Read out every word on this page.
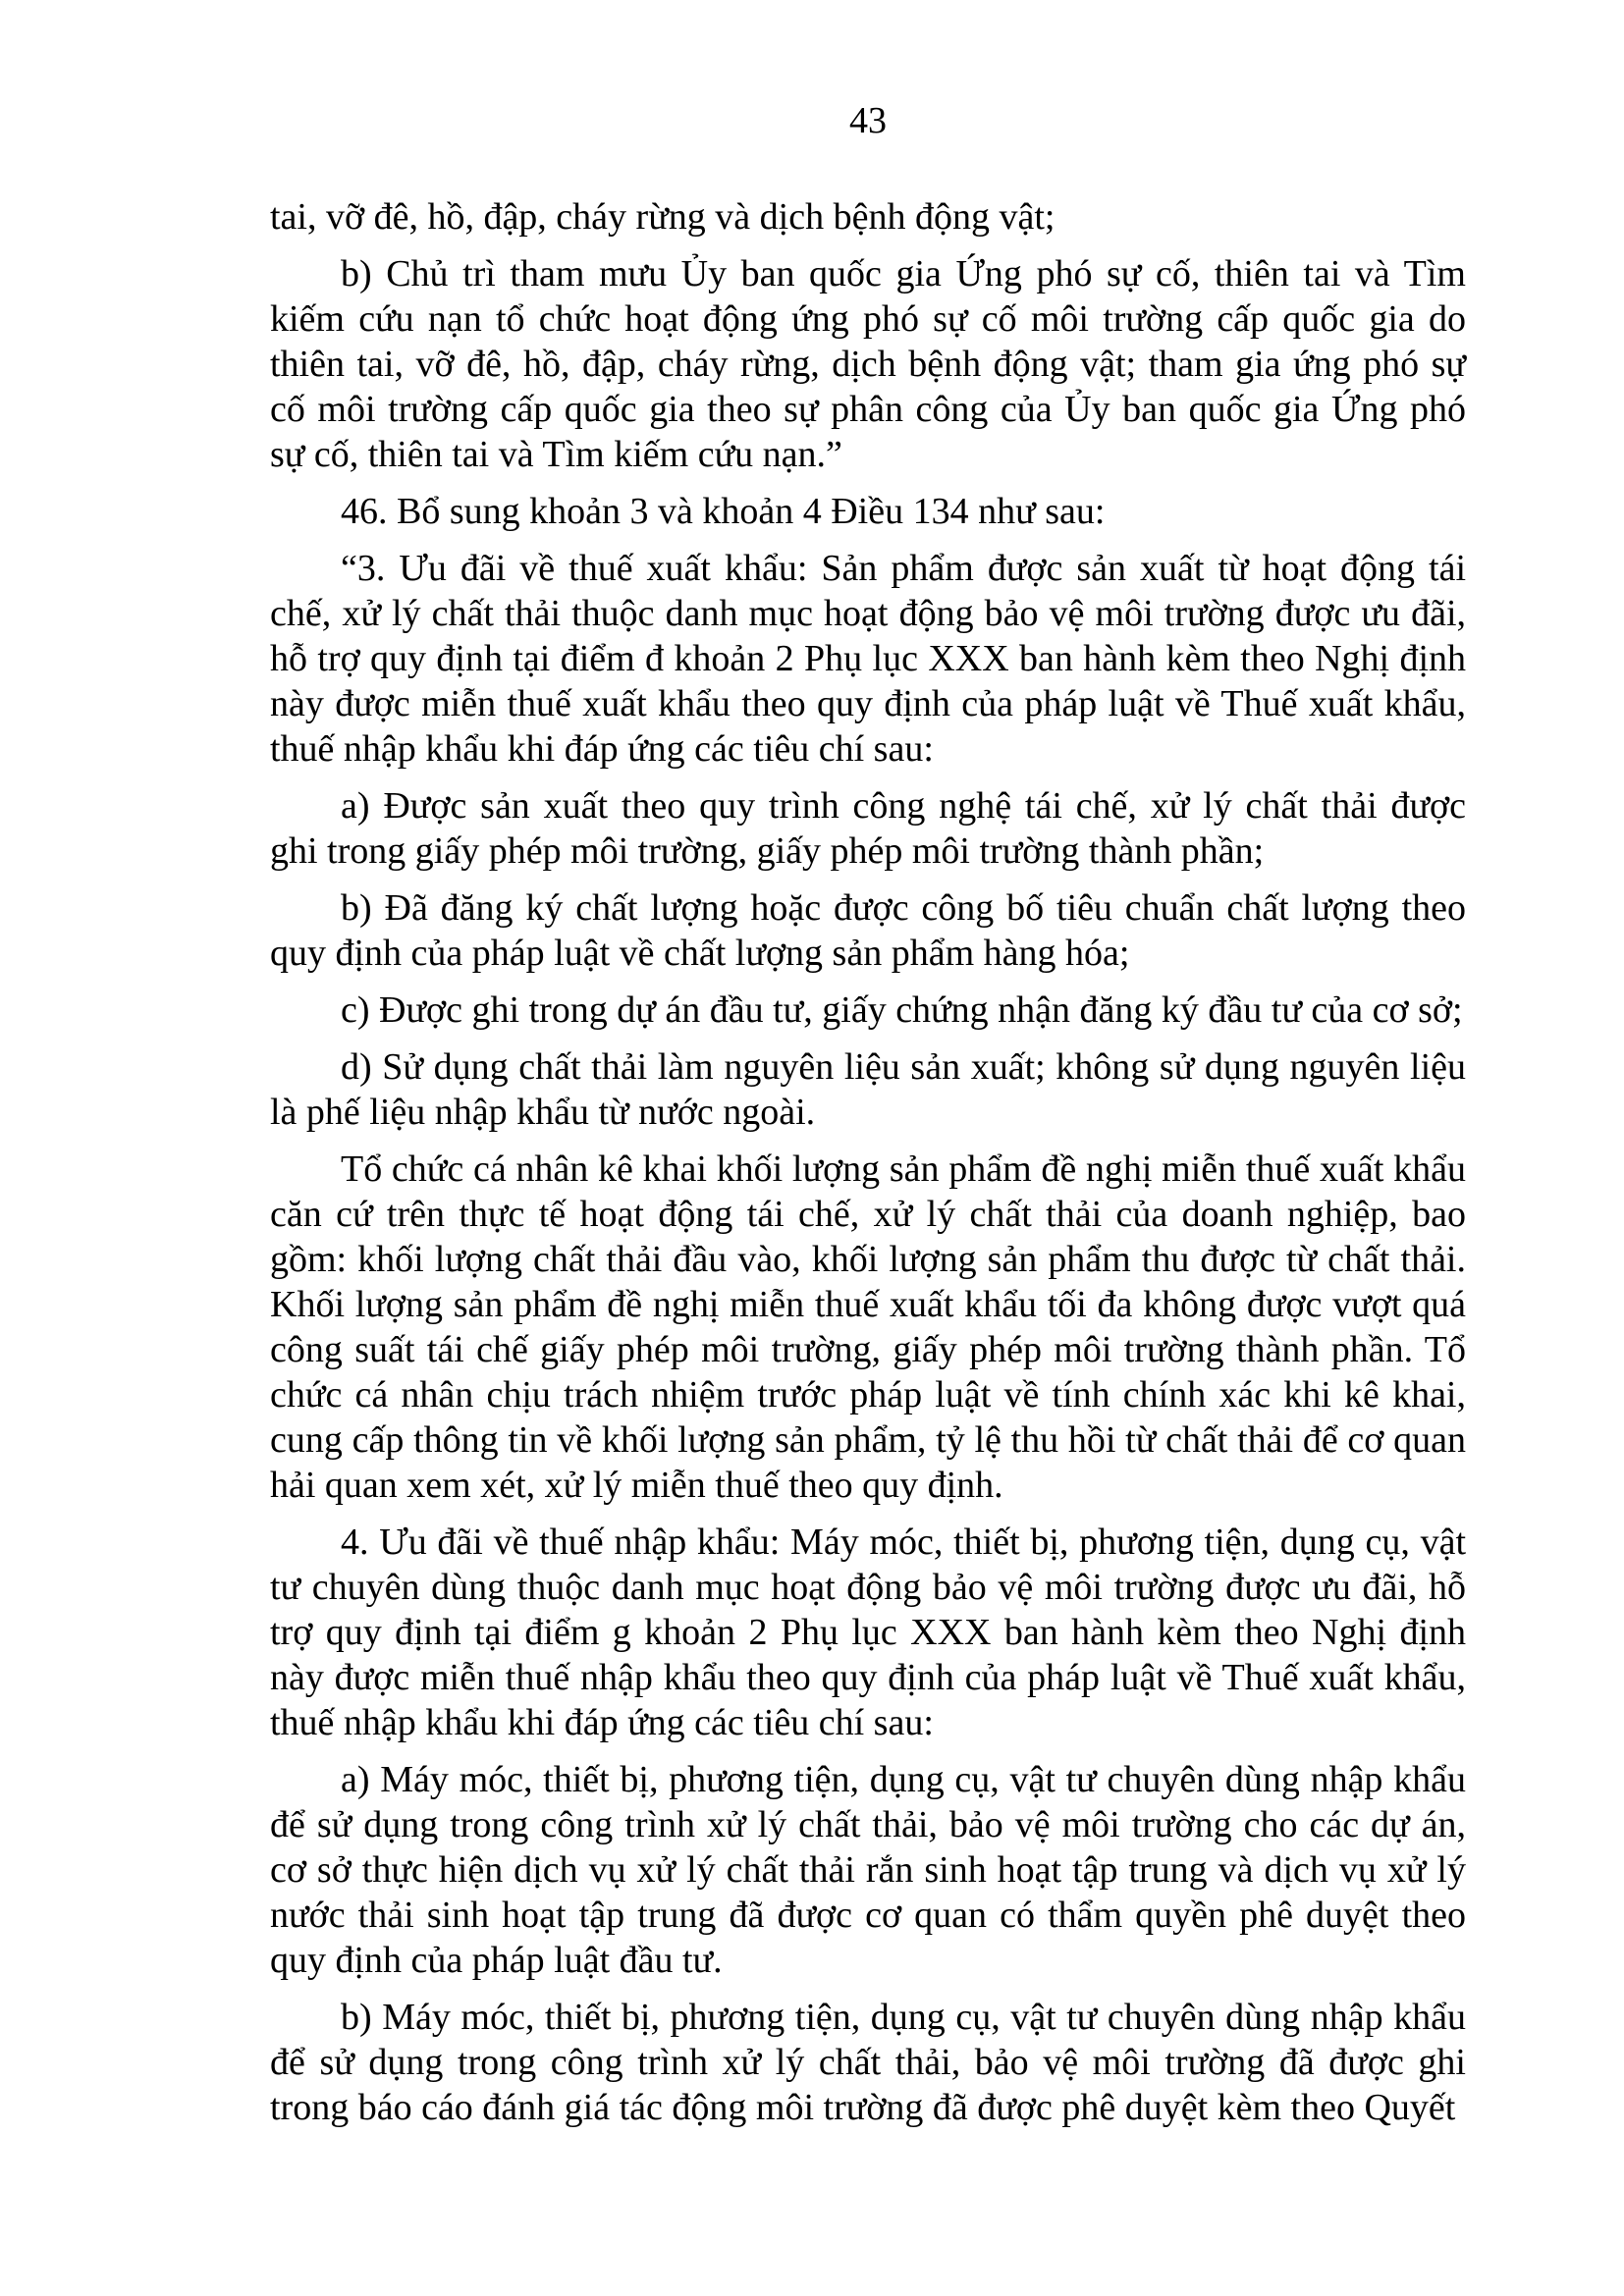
43
tai, vỡ đê, hồ, đập, cháy rừng và dịch bệnh động vật;
b) Chủ trì tham mưu Ủy ban quốc gia Ứng phó sự cố, thiên tai và Tìm
kiếm cứu nạn tổ chức hoạt động ứng phó sự cố môi trường cấp quốc gia do
thiên tai, vỡ đê, hồ, đập, cháy rừng, dịch bệnh động vật; tham gia ứng phó sự
cố môi trường cấp quốc gia theo sự phân công của Ủy ban quốc gia Ứng phó
sự cố, thiên tai và Tìm kiếm cứu nạn.”
46. Bổ sung khoản 3 và khoản 4 Điều 134 như sau:
“3. Ưu đãi về thuế xuất khẩu: Sản phẩm được sản xuất từ hoạt động tái
chế, xử lý chất thải thuộc danh mục hoạt động bảo vệ môi trường được ưu đãi,
hỗ trợ quy định tại điểm đ khoản 2 Phụ lục XXX ban hành kèm theo Nghị định
này được miễn thuế xuất khẩu theo quy định của pháp luật về Thuế xuất khẩu,
thuế nhập khẩu khi đáp ứng các tiêu chí sau:
a) Được sản xuất theo quy trình công nghệ tái chế, xử lý chất thải được
ghi trong giấy phép môi trường, giấy phép môi trường thành phần;
b) Đã đăng ký chất lượng hoặc được công bố tiêu chuẩn chất lượng theo
quy định của pháp luật về chất lượng sản phẩm hàng hóa;
c) Được ghi trong dự án đầu tư, giấy chứng nhận đăng ký đầu tư của cơ sở;
d) Sử dụng chất thải làm nguyên liệu sản xuất; không sử dụng nguyên liệu
là phế liệu nhập khẩu từ nước ngoài.
Tổ chức cá nhân kê khai khối lượng sản phẩm đề nghị miễn thuế xuất khẩu
căn cứ trên thực tế hoạt động tái chế, xử lý chất thải của doanh nghiệp, bao
gồm: khối lượng chất thải đầu vào, khối lượng sản phẩm thu được từ chất thải.
Khối lượng sản phẩm đề nghị miễn thuế xuất khẩu tối đa không được vượt quá
công suất tái chế giấy phép môi trường, giấy phép môi trường thành phần. Tổ
chức cá nhân chịu trách nhiệm trước pháp luật về tính chính xác khi kê khai,
cung cấp thông tin về khối lượng sản phẩm, tỷ lệ thu hồi từ chất thải để cơ quan
hải quan xem xét, xử lý miễn thuế theo quy định.
4. Ưu đãi về thuế nhập khẩu: Máy móc, thiết bị, phương tiện, dụng cụ, vật
tư chuyên dùng thuộc danh mục hoạt động bảo vệ môi trường được ưu đãi, hỗ
trợ quy định tại điểm g khoản 2 Phụ lục XXX ban hành kèm theo Nghị định
này được miễn thuế nhập khẩu theo quy định của pháp luật về Thuế xuất khẩu,
thuế nhập khẩu khi đáp ứng các tiêu chí sau:
a) Máy móc, thiết bị, phương tiện, dụng cụ, vật tư chuyên dùng nhập khẩu
để sử dụng trong công trình xử lý chất thải, bảo vệ môi trường cho các dự án,
cơ sở thực hiện dịch vụ xử lý chất thải rắn sinh hoạt tập trung và dịch vụ xử lý
nước thải sinh hoạt tập trung đã được cơ quan có thẩm quyền phê duyệt theo
quy định của pháp luật đầu tư.
b) Máy móc, thiết bị, phương tiện, dụng cụ, vật tư chuyên dùng nhập khẩu
để sử dụng trong công trình xử lý chất thải, bảo vệ môi trường đã được ghi
trong báo cáo đánh giá tác động môi trường đã được phê duyệt kèm theo Quyết
